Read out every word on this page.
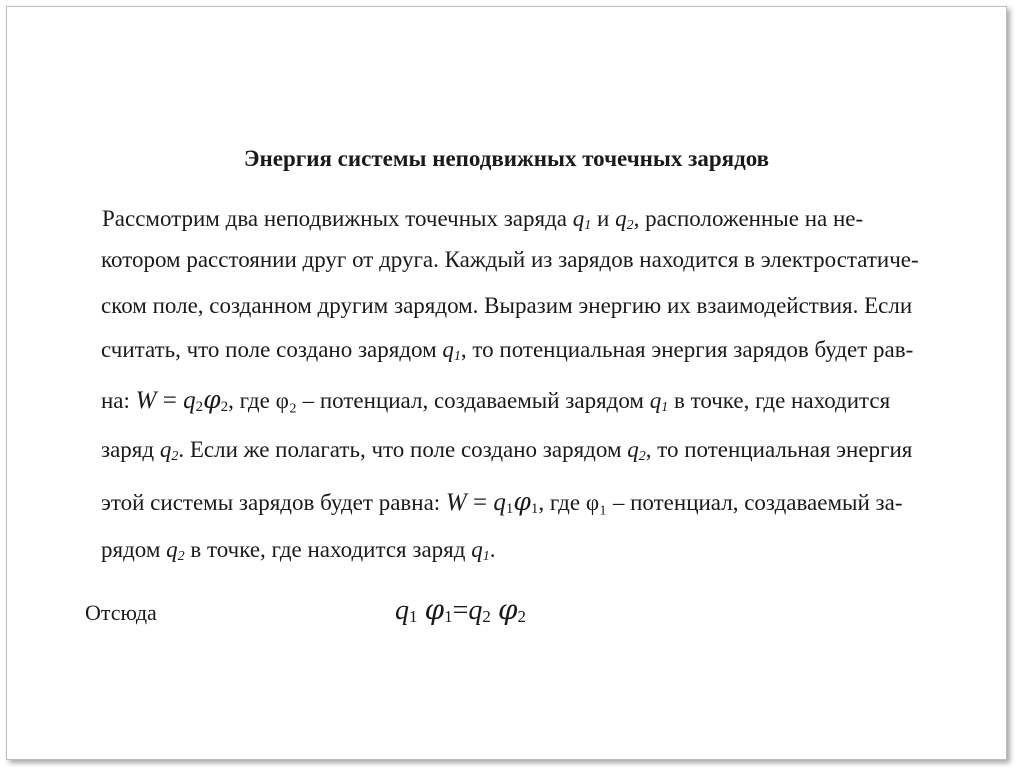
Энергия системы неподвижных точечных зарядов
Рассмотрим два неподвижных точечных заряда $q_1$ и $q_2$, расположенные на не-
котором расстоянии друг от друга. Каждый из зарядов находится в электростатиче-
ском поле, созданном другим зарядом. Выразим энергию их взаимодействия. Если
считать, что поле создано зарядом $q_1$, то потенциальная энергия зарядов будет рав-
на: $W = q_2\varphi_2$, где φ₂ – потенциал, создаваемый зарядом $q_1$ в точке, где находится
заряд $q_2$. Если же полагать, что поле создано зарядом $q_2$, то потенциальная энергия
этой системы зарядов будет равна: $W = q_1\varphi_1$, где φ₁ – потенциал, создаваемый за-
рядом $q_2$ в точке, где находится заряд $q_1$.
Отсюда	$q_1$ $\varphi_1=q_2$ $\varphi_2$
